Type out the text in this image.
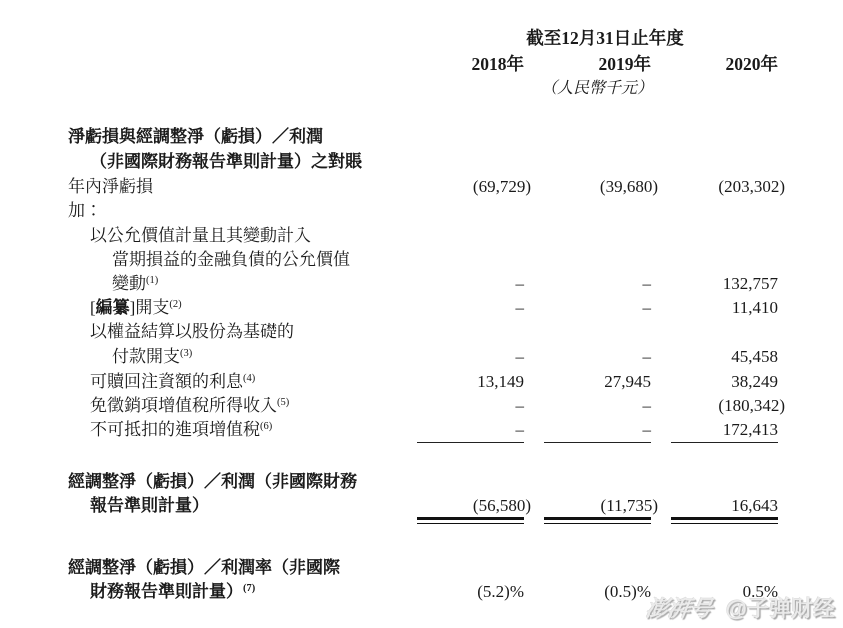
截至12月31日止年度
2018年	2019年	2020年
（人民幣千元）
淨虧損與經調整淨（虧損）／利潤
（非國際財務報告準則計量）之對賬
年內淨虧損	(69,729)	(39,680)	(203,302)
加：
以公允價值計量且其變動計入
當期損益的金融負債的公允價值
變動$^{(1)}$	–	–	132,757
[編纂]開支$^{(2)}$	–	–	11,410
以權益結算以股份為基礎的
付款開支$^{(3)}$	–	–	45,458
可贖回注資額的利息$^{(4)}$	13,149	27,945	38,249
免徵銷項增值稅所得收入$^{(5)}$	–	–	(180,342)
不可抵扣的進項增值稅$^{(6)}$	–	–	172,413
經調整淨（虧損）／利潤（非國際財務
報告準則計量）	(56,580)	(11,735)	16,643
經調整淨（虧損）／利潤率（非國際
財務報告準則計量）$^{(7)}$	(5.2)%	(0.5)%	0.5%
澎湃号 @子弹财经
